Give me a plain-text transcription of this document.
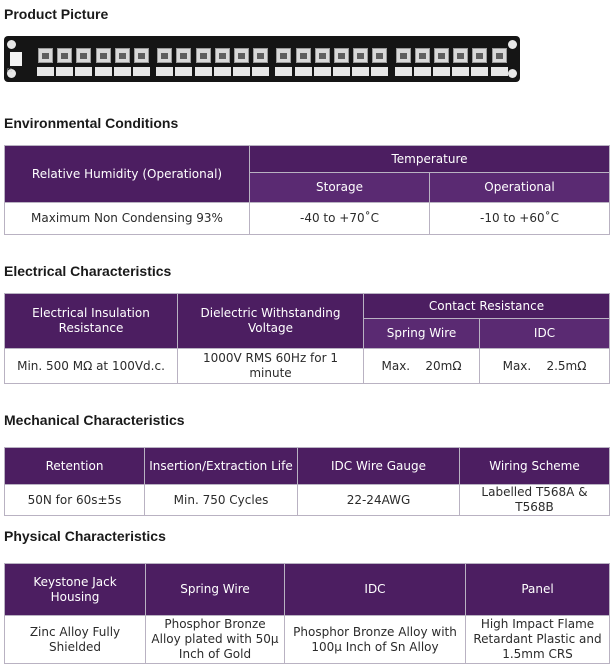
Product Picture
B3
Environmental Conditions
Relative Humidity (Operational)	Temperature	
	Storage	Operational
Maximum Non Condensing 93%	-40 to +70˚C	-10 to +60˚C
Electrical Characteristics
Electrical Insulation Resistance	Dielectric Withstanding Voltage	Contact Resistance	
		Spring Wire	IDC
Min. 500 MΩ at 100Vd.c.	1000V RMS 60Hz for 1 minute	Max.    20mΩ	Max.    2.5mΩ
Mechanical Characteristics
Retention	Insertion/Extraction Life	IDC Wire Gauge	Wiring Scheme
50N for 60s±5s	Min. 750 Cycles	22-24AWG	Labelled T568A & T568B
Physical Characteristics
Keystone Jack Housing	Spring Wire	IDC	Panel
Zinc Alloy Fully Shielded	Phosphor Bronze Alloy plated with 50µ Inch of Gold	Phosphor Bronze Alloy with 100µ Inch of Sn Alloy	High Impact Flame Retardant Plastic and 1.5mm CRS
